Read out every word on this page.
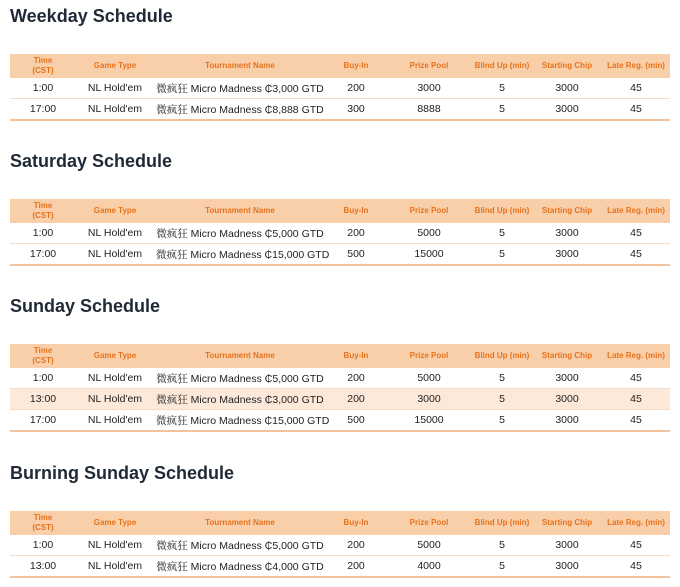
Weekday Schedule
Time
(CST)	Game Type	Tournament Name	Buy-In	Prize Pool	Blind Up (min)	Starting Chip	Late Reg. (min)
1:00	NL Hold'em	微疯狂 Micro Madness ₵3,000 GTD	200	3000	5	3000	45
17:00	NL Hold'em	微疯狂 Micro Madness ₵8,888 GTD	300	8888	5	3000	45
Saturday Schedule
Time
(CST)	Game Type	Tournament Name	Buy-In	Prize Pool	Blind Up (min)	Starting Chip	Late Reg. (min)
1:00	NL Hold'em	微疯狂 Micro Madness ₵5,000 GTD	200	5000	5	3000	45
17:00	NL Hold'em	微疯狂 Micro Madness ₵15,000 GTD	500	15000	5	3000	45
Sunday Schedule
Time
(CST)	Game Type	Tournament Name	Buy-In	Prize Pool	Blind Up (min)	Starting Chip	Late Reg. (min)
1:00	NL Hold'em	微疯狂 Micro Madness ₵5,000 GTD	200	5000	5	3000	45
13:00	NL Hold'em	微疯狂 Micro Madness ₵3,000 GTD	200	3000	5	3000	45
17:00	NL Hold'em	微疯狂 Micro Madness ₵15,000 GTD	500	15000	5	3000	45
Burning Sunday Schedule
Time
(CST)	Game Type	Tournament Name	Buy-In	Prize Pool	Blind Up (min)	Starting Chip	Late Reg. (min)
1:00	NL Hold'em	微疯狂 Micro Madness ₵5,000 GTD	200	5000	5	3000	45
13:00	NL Hold'em	微疯狂 Micro Madness ₵4,000 GTD	200	4000	5	3000	45
